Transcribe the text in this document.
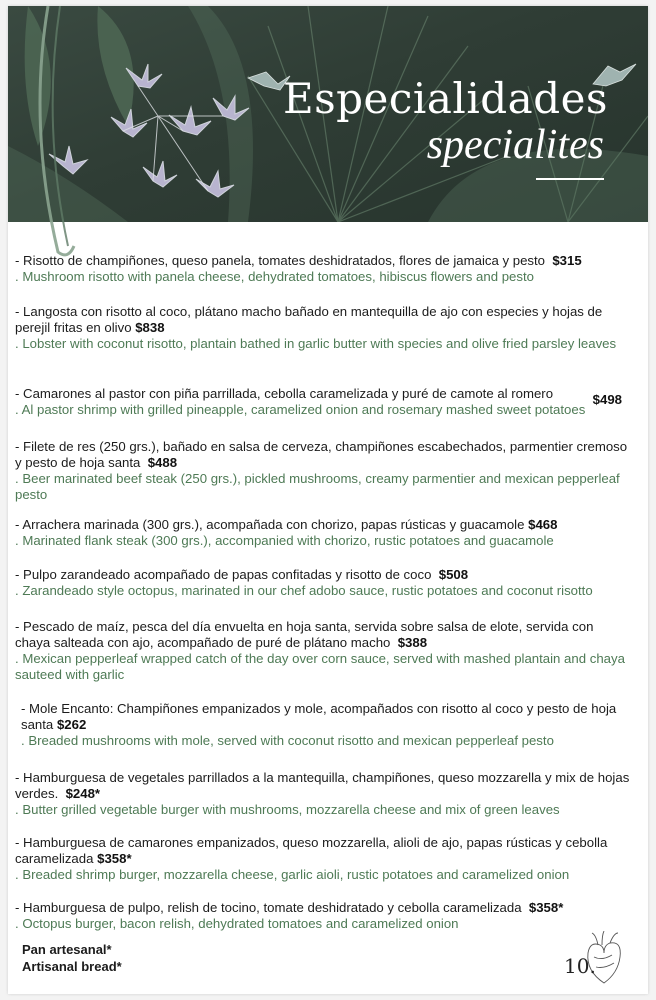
Especialidades
specialites

- Risotto de champiñones, queso panela, tomates deshidratados, flores de jamaica y pesto $315

. Mushroom risotto with panela cheese, dehydrated tomatoes, hibiscus flowers and pesto

- Langosta con risotto al coco, plátano macho bañado en mantequilla de ajo con especies y hojas de perejil fritas en olivo $838

. Lobster with coconut risotto, plantain bathed in garlic butter with species and olive fried parsley leaves

- Camarones al pastor con piña parrillada, cebolla caramelizada y puré de camote al romero	$498

. Al pastor shrimp with grilled pineapple, caramelized onion and rosemary mashed sweet potatoes

- Filete de res (250 grs.), bañado en salsa de cerveza, champiñones escabechados, parmentier cremoso y pesto de hoja santa $488

. Beer marinated beef steak (250 grs.), pickled mushrooms, creamy parmentier and mexican pepperleaf pesto

- Arrachera marinada (300 grs.), acompañada con chorizo, papas rústicas y guacamole $468

. Marinated flank steak (300 grs.), accompanied with chorizo, rustic potatoes and guacamole

- Pulpo zarandeado acompañado de papas confitadas y risotto de coco $508

. Zarandeado style octopus, marinated in our chef adobo sauce, rustic potatoes and coconut risotto

- Pescado de maíz, pesca del día envuelta en hoja santa, servida sobre salsa de elote, servida con chaya salteada con ajo, acompañado de puré de plátano macho $388

. Mexican pepperleaf wrapped catch of the day over corn sauce, served with mashed plantain and chaya sauteed with garlic

- Mole Encanto: Champiñones empanizados y mole, acompañados con risotto al coco y pesto de hoja santa $262

. Breaded mushrooms with mole, served with coconut risotto and mexican pepperleaf pesto

- Hamburguesa de vegetales parrillados a la mantequilla, champiñones, queso mozzarella y mix de hojas verdes. $248*

. Butter grilled vegetable burger with mushrooms, mozzarella cheese and mix of green leaves

- Hamburguesa de camarones empanizados, queso mozzarella, alioli de ajo, papas rústicas y cebolla caramelizada $358*

. Breaded shrimp burger, mozzarella cheese, garlic aioli, rustic potatoes and caramelized onion

- Hamburguesa de pulpo, relish de tocino, tomate deshidratado y cebolla caramelizada $358*

. Octopus burger, bacon relish, dehydrated tomatoes and caramelized onion

Pan artesanal*
Artisanal bread*	10.
